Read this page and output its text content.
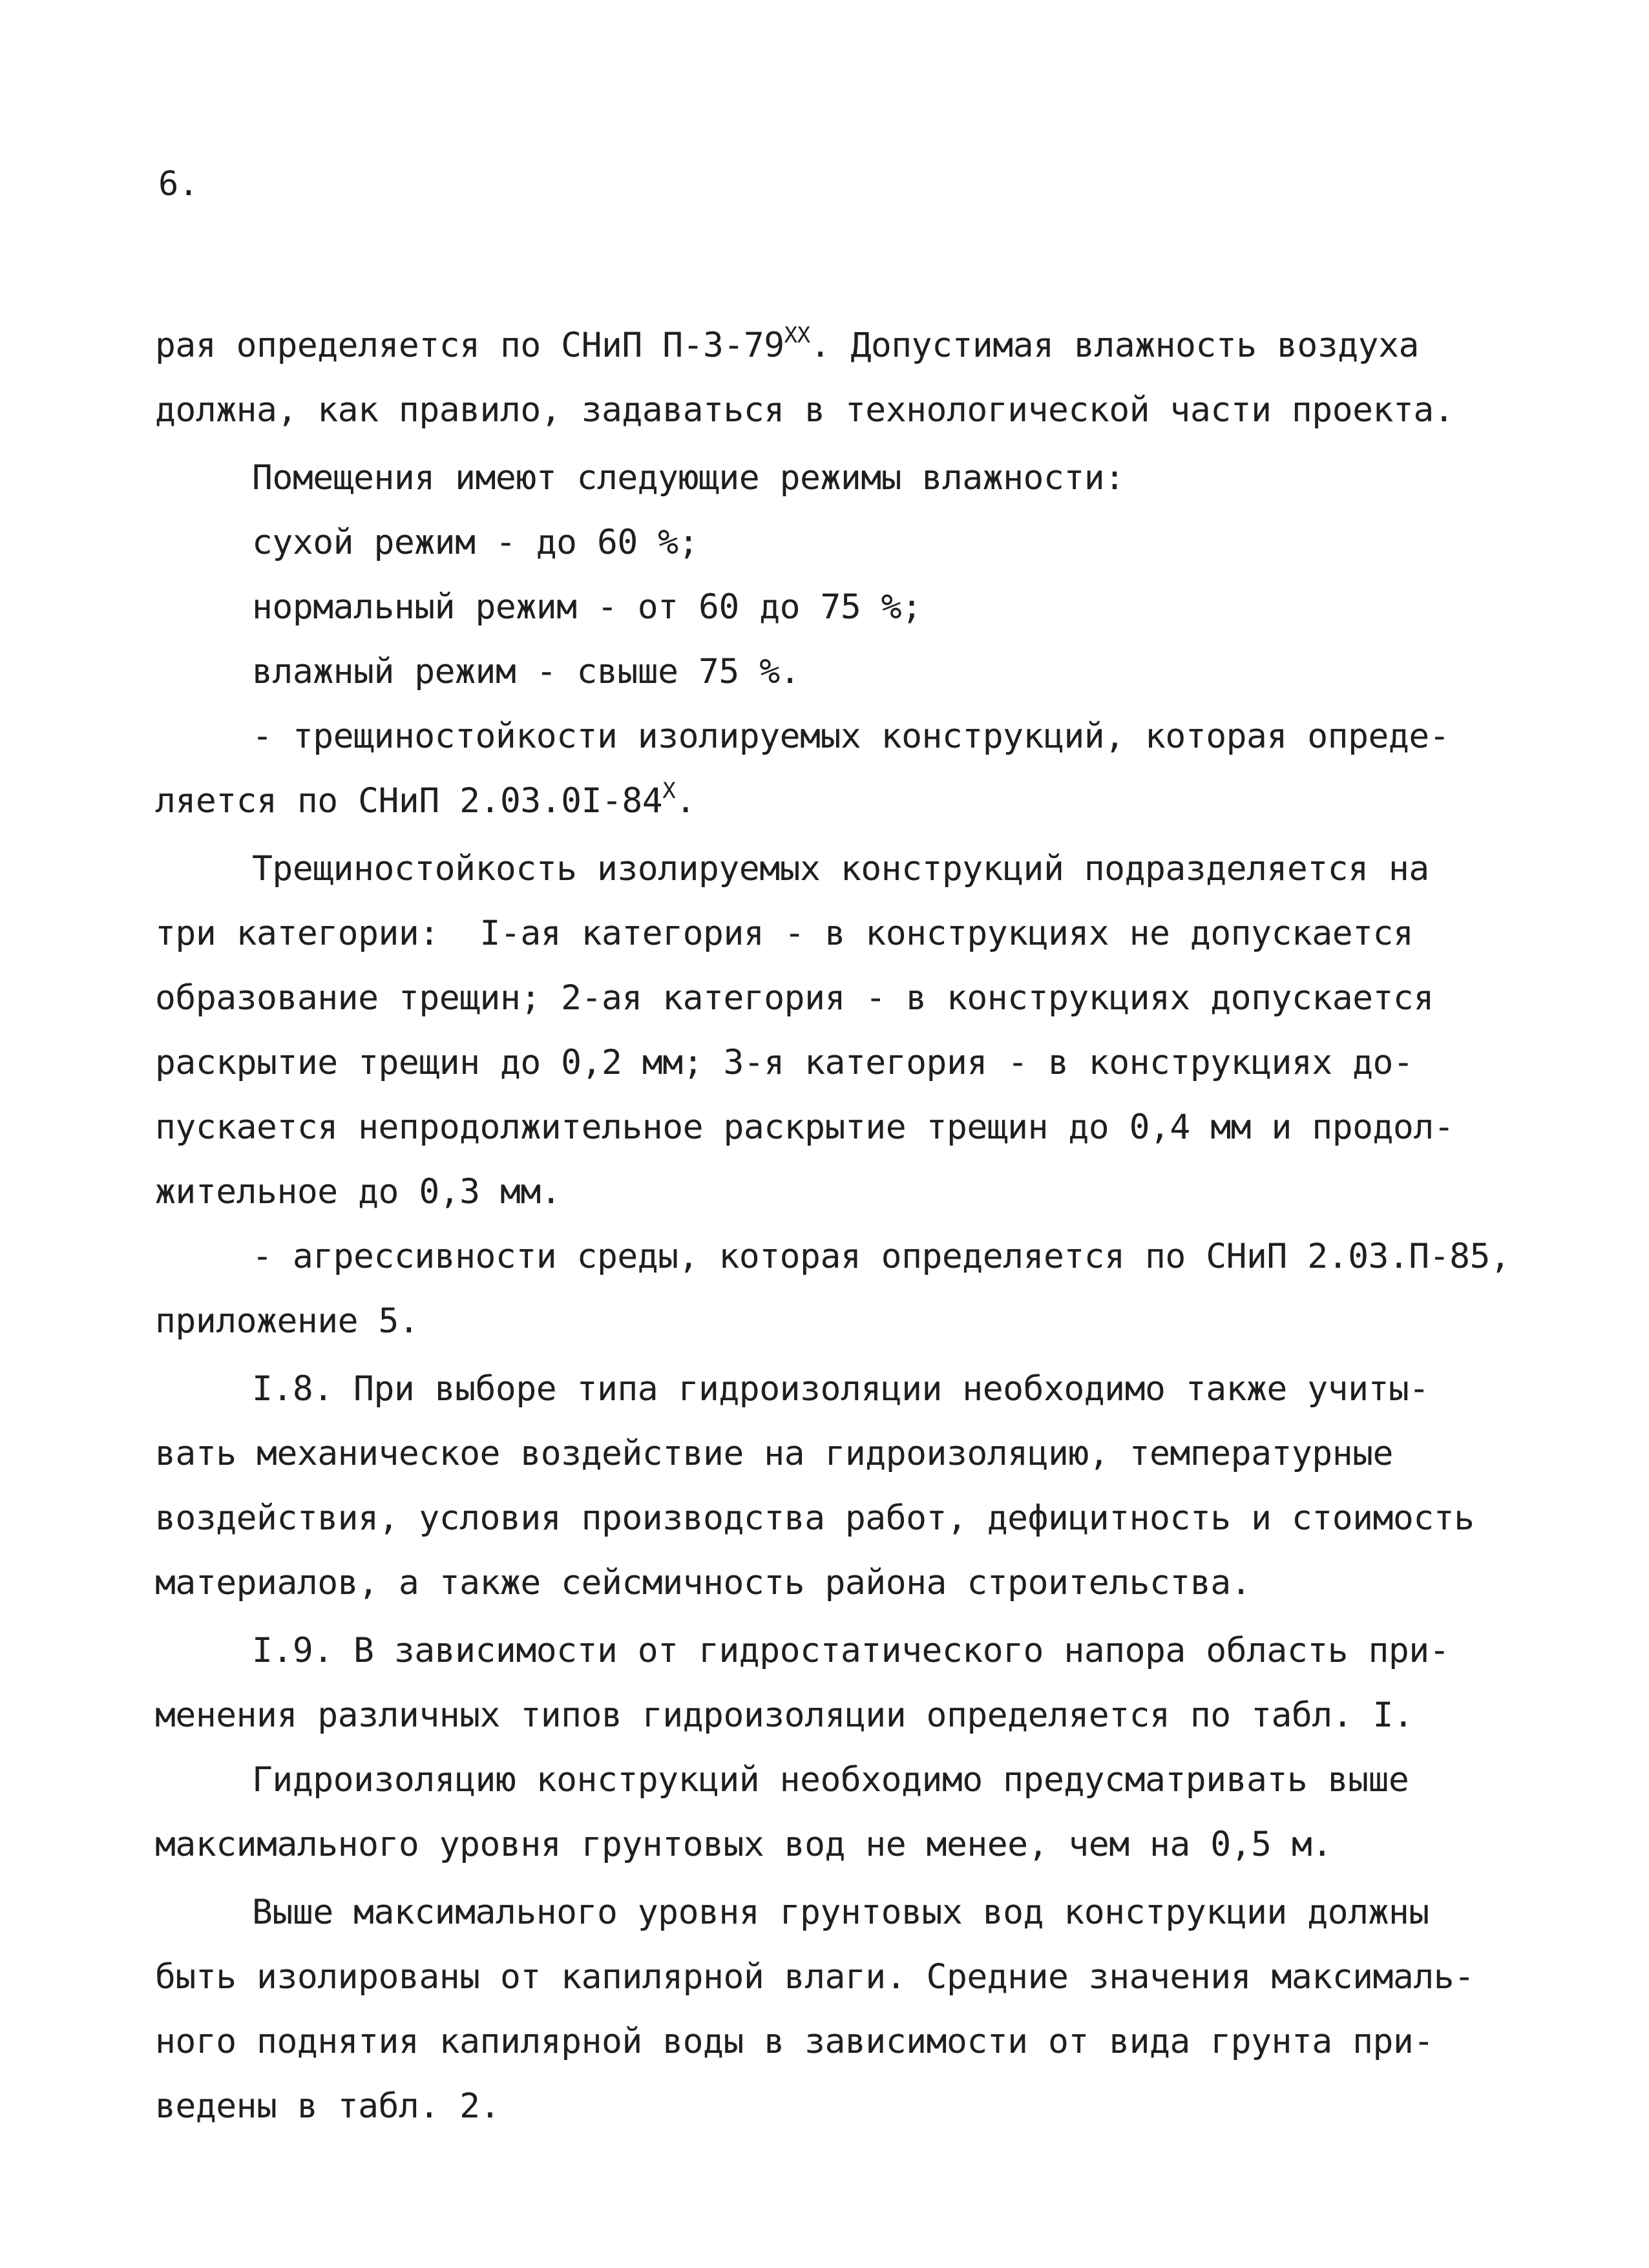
6.
рая определяется по СНиП $П-3-79^{XX}$. Допустимая влажность воздуха
должна, как правило, задаваться в технологической части проекта.
Помещения имеют следующие режимы влажности:
сухой режим - до 60 %;
нормальный режим - от 60 до 75 %;
влажный режим - свыше 75 %.
- трещиностойкости изолируемых конструкций, которая опреде-
ляется по СНиП $2.03.0I-84^X$.
Трещиностойкость изолируемых конструкций подразделяется на
три категории:  I-ая категория - в конструкциях не допускается
образование трещин; 2-ая категория - в конструкциях допускается
раскрытие трещин до 0,2 мм; 3-я категория - в конструкциях до-
пускается непродолжительное раскрытие трещин до 0,4 мм и продол-
жительное до 0,3 мм.
- агрессивности среды, которая определяется по СНиП 2.03.П-85,
приложение 5.
I.8. При выборе типа гидроизоляции необходимо также учиты-
вать механическое воздействие на гидроизоляцию, температурные
воздействия, условия производства работ, дефицитность и стоимость
материалов, а также сейсмичность района строительства.
I.9. В зависимости от гидростатического напора область при-
менения различных типов гидроизоляции определяется по табл. I.
Гидроизоляцию конструкций необходимо предусматривать выше
максимального уровня грунтовых вод не менее, чем на 0,5 м.
Выше максимального уровня грунтовых вод конструкции должны
быть изолированы от капилярной влаги. Средние значения максималь-
ного поднятия капилярной воды в зависимости от вида грунта при-
ведены в табл. 2.
